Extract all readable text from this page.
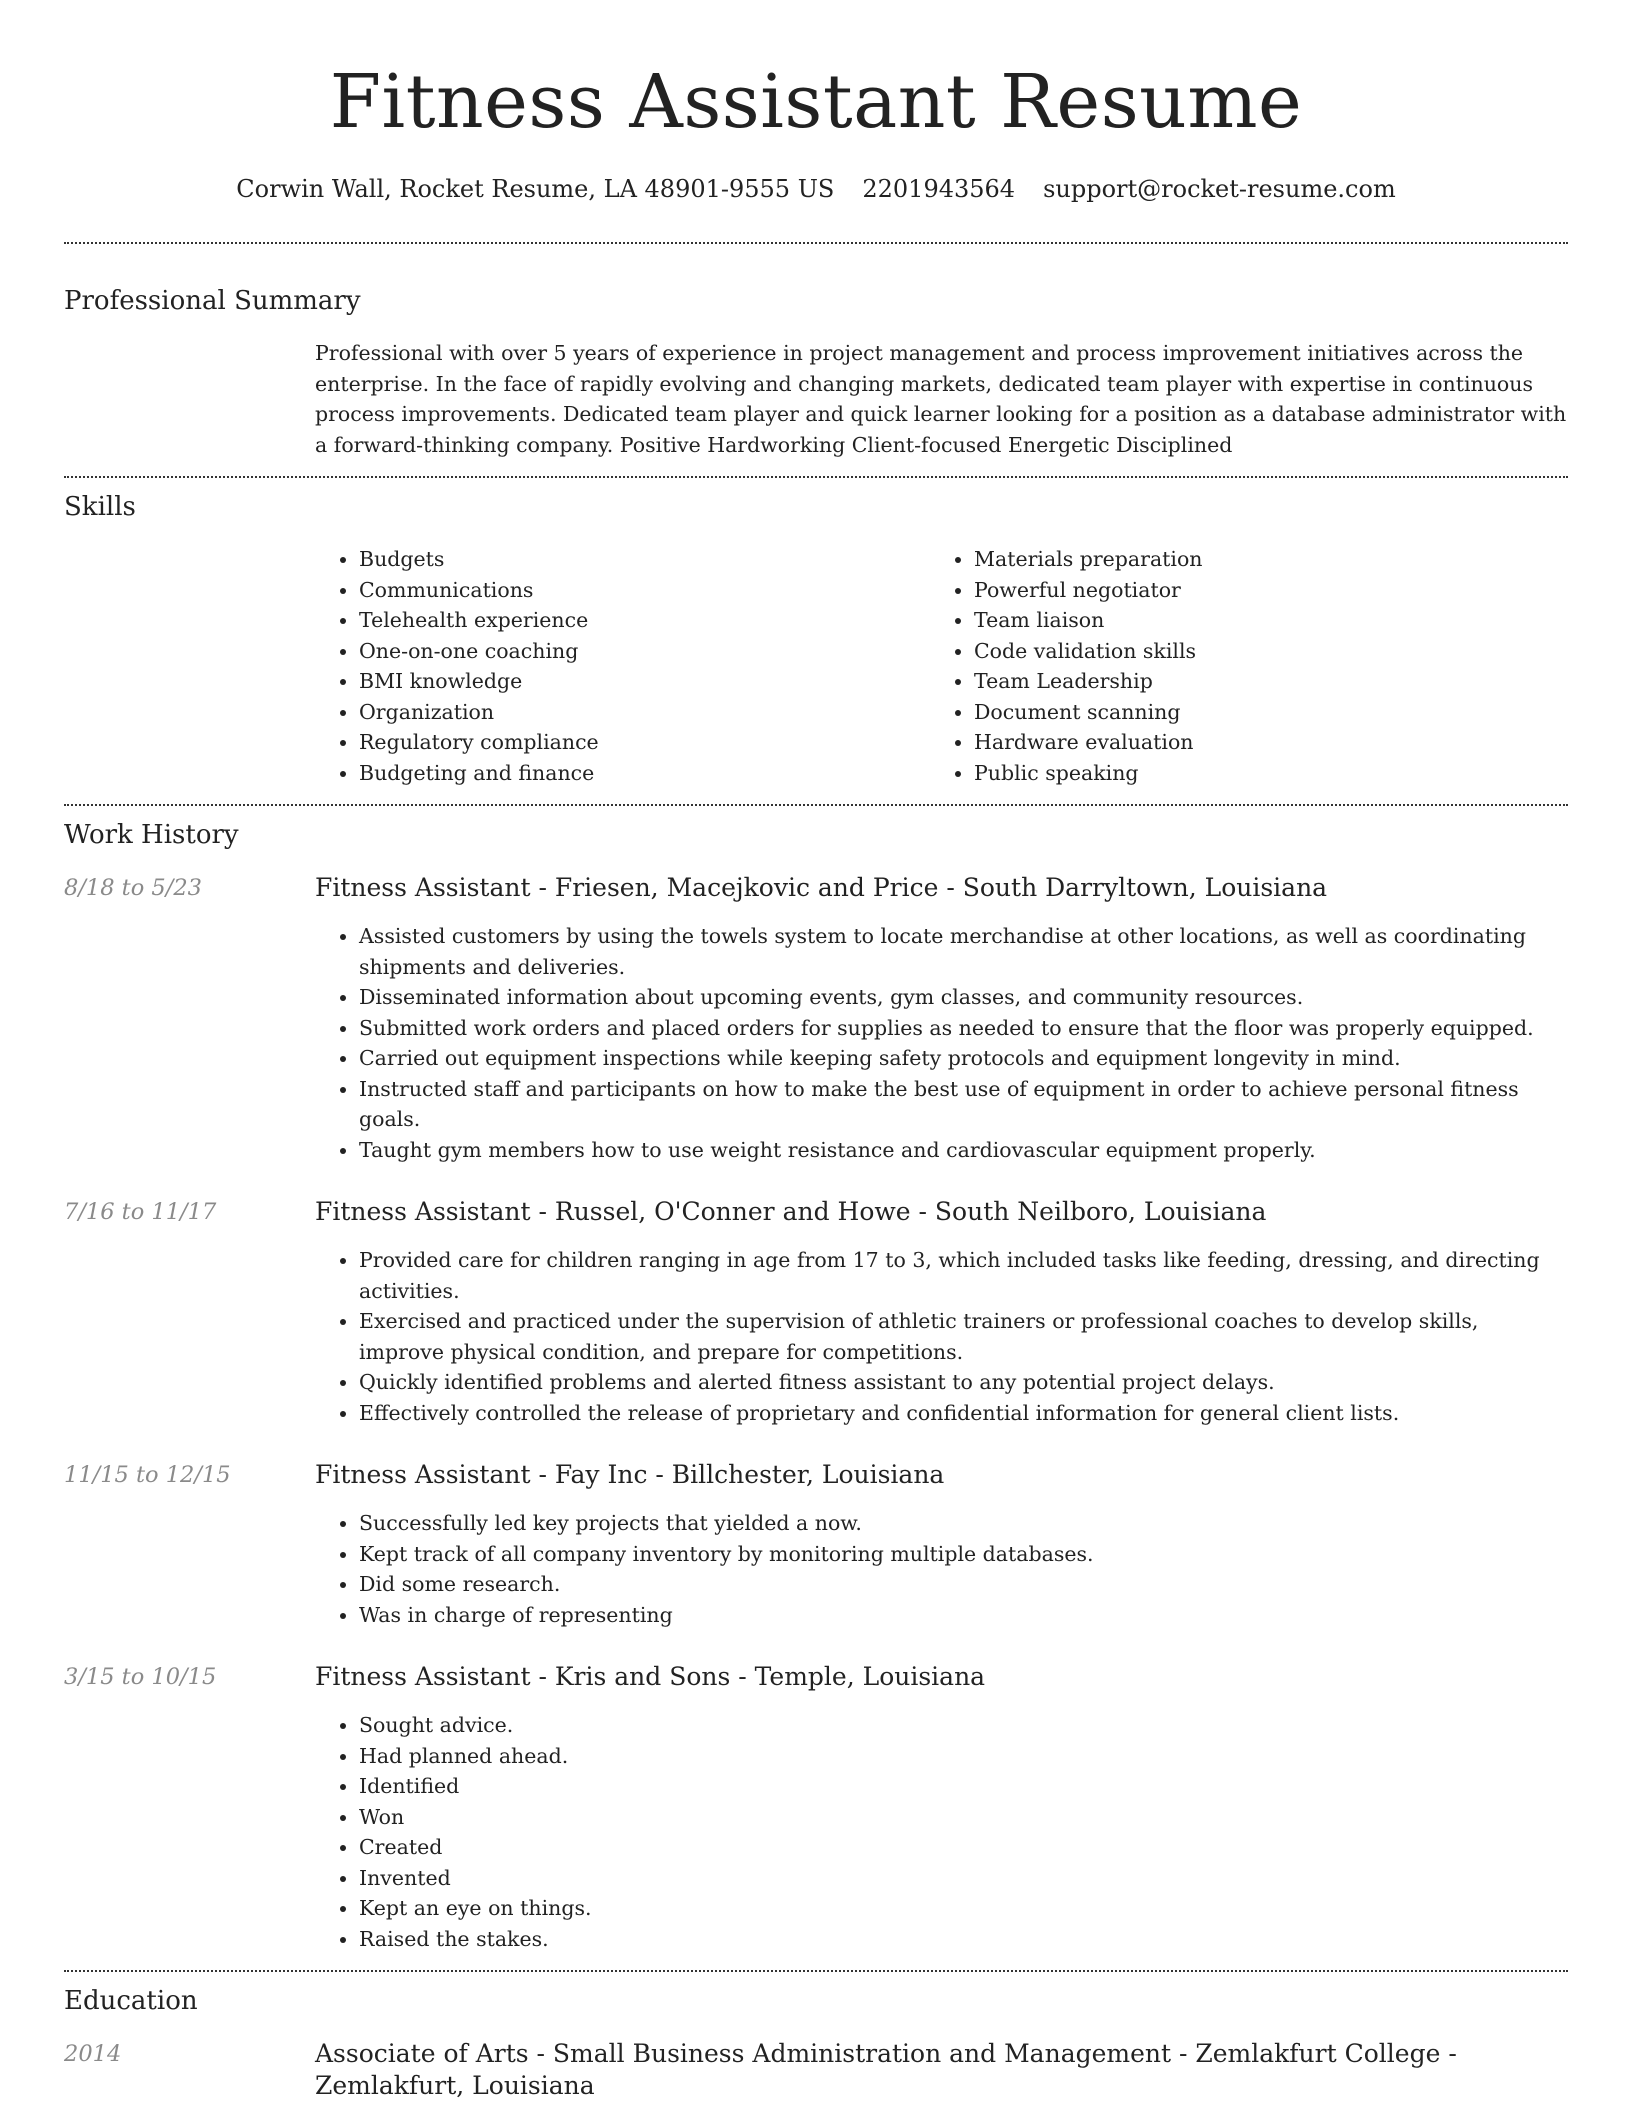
Fitness Assistant Resume
Corwin Wall, Rocket Resume, LA 48901-9555 US 2201943564 support@rocket-resume.com
Professional Summary

Professional with over 5 years of experience in project management and process improvement initiatives across the enterprise. In the face of rapidly evolving and changing markets, dedicated team player with expertise in continuous process improvements. Dedicated team player and quick learner looking for a position as a database administrator with a forward-thinking company. Positive Hardworking Client-focused Energetic Disciplined

Skills
• Budgets
• Communications
• Telehealth experience
• One-on-one coaching
• BMI knowledge
• Organization
• Regulatory compliance
• Budgeting and finance
• Materials preparation
• Powerful negotiator
• Team liaison
• Code validation skills
• Team Leadership
• Document scanning
• Hardware evaluation
• Public speaking
Work History
8/18 to 5/23	Fitness Assistant - Friesen, Macejkovic and Price - South Darryltown, Louisiana
• Assisted customers by using the towels system to locate merchandise at other locations, as well as coordinating shipments and deliveries.
• Disseminated information about upcoming events, gym classes, and community resources.
• Submitted work orders and placed orders for supplies as needed to ensure that the floor was properly equipped.
• Carried out equipment inspections while keeping safety protocols and equipment longevity in mind.
• Instructed staff and participants on how to make the best use of equipment in order to achieve personal fitness goals.
• Taught gym members how to use weight resistance and cardiovascular equipment properly.
7/16 to 11/17	Fitness Assistant - Russel, O'Conner and Howe - South Neilboro, Louisiana
• Provided care for children ranging in age from 17 to 3, which included tasks like feeding, dressing, and directing activities.
• Exercised and practiced under the supervision of athletic trainers or professional coaches to develop skills, improve physical condition, and prepare for competitions.
• Quickly identified problems and alerted fitness assistant to any potential project delays.
• Effectively controlled the release of proprietary and confidential information for general client lists.
11/15 to 12/15	Fitness Assistant - Fay Inc - Billchester, Louisiana
• Successfully led key projects that yielded a now.
• Kept track of all company inventory by monitoring multiple databases.
• Did some research.
• Was in charge of representing
3/15 to 10/15	Fitness Assistant - Kris and Sons - Temple, Louisiana
• Sought advice.
• Had planned ahead.
• Identified
• Won
• Created
• Invented
• Kept an eye on things.
• Raised the stakes.
Education
2014	Associate of Arts - Small Business Administration and Management - Zemlakfurt College - Zemlakfurt, Louisiana
